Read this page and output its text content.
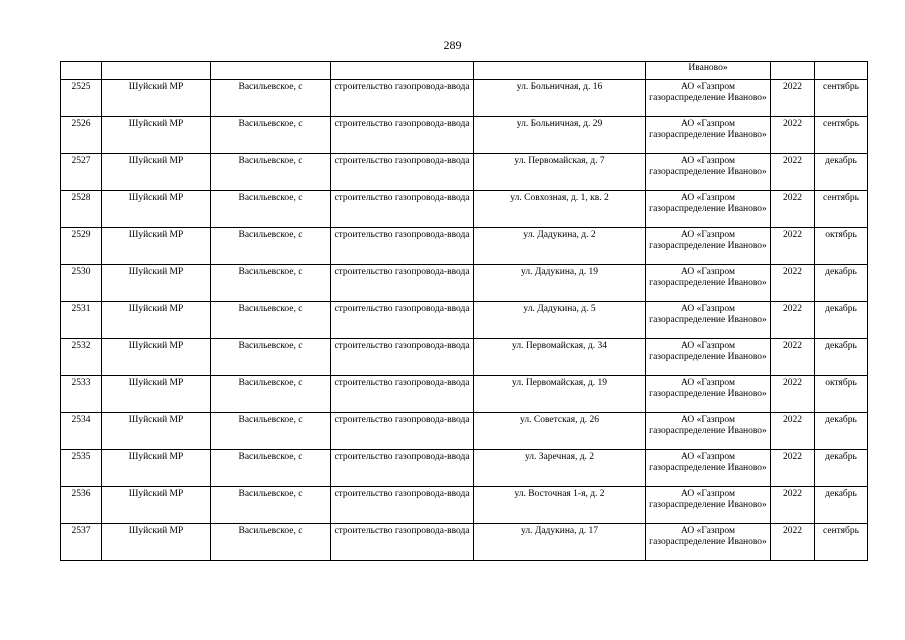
289
					Иваново»		
2525	Шуйский МР	Васильевское, с	строительство газопровода-ввода	ул. Больничная, д. 16	АО «Газпром газораспределение Иваново»	2022	сентябрь
2526	Шуйский МР	Васильевское, с	строительство газопровода-ввода	ул. Больничная, д. 29	АО «Газпром газораспределение Иваново»	2022	сентябрь
2527	Шуйский МР	Васильевское, с	строительство газопровода-ввода	ул. Первомайская, д. 7	АО «Газпром газораспределение Иваново»	2022	декабрь
2528	Шуйский МР	Васильевское, с	строительство газопровода-ввода	ул. Совхозная, д. 1, кв. 2	АО «Газпром газораспределение Иваново»	2022	сентябрь
2529	Шуйский МР	Васильевское, с	строительство газопровода-ввода	ул. Дадукина, д. 2	АО «Газпром газораспределение Иваново»	2022	октябрь
2530	Шуйский МР	Васильевское, с	строительство газопровода-ввода	ул. Дадукина, д. 19	АО «Газпром газораспределение Иваново»	2022	декабрь
2531	Шуйский МР	Васильевское, с	строительство газопровода-ввода	ул. Дадукина, д. 5	АО «Газпром газораспределение Иваново»	2022	декабрь
2532	Шуйский МР	Васильевское, с	строительство газопровода-ввода	ул. Первомайская, д. 34	АО «Газпром газораспределение Иваново»	2022	декабрь
2533	Шуйский МР	Васильевское, с	строительство газопровода-ввода	ул. Первомайская, д. 19	АО «Газпром газораспределение Иваново»	2022	октябрь
2534	Шуйский МР	Васильевское, с	строительство газопровода-ввода	ул. Советская, д. 26	АО «Газпром газораспределение Иваново»	2022	декабрь
2535	Шуйский МР	Васильевское, с	строительство газопровода-ввода	ул. Заречная, д. 2	АО «Газпром газораспределение Иваново»	2022	декабрь
2536	Шуйский МР	Васильевское, с	строительство газопровода-ввода	ул. Восточная 1-я, д. 2	АО «Газпром газораспределение Иваново»	2022	декабрь
2537	Шуйский МР	Васильевское, с	строительство газопровода-ввода	ул. Дадукина, д. 17	АО «Газпром газораспределение Иваново»	2022	сентябрь
